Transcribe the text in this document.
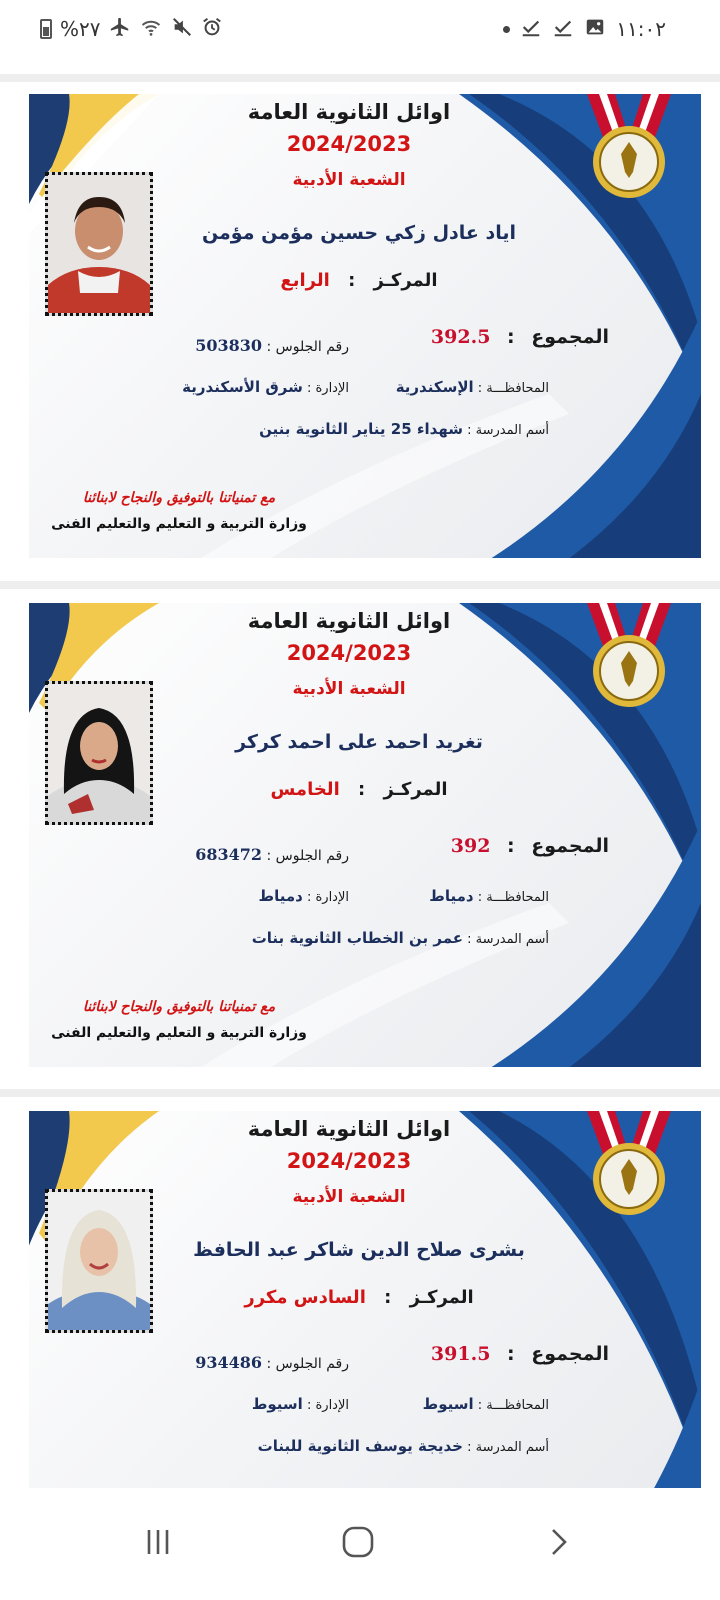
%٢٧	١١:٠٢
اوائل الثانوية العامة
2024/2023
الشعبة الأدبية
اياد عادل زكي حسين مؤمن مؤمن
المركـز : الرابع
المجموع : 392.5
رقم الجلوس : 503830
المحافظـــة : الإسكندرية
الإدارة : شرق الأسكندرية
أسم المدرسة : شهداء 25 يناير الثانوية بنين
مع تمنياتنا بالتوفيق والنجاح لابنائنا
وزارة التربية و التعليم والتعليم الفنى
اوائل الثانوية العامة
2024/2023
الشعبة الأدبية
تغريد احمد على احمد كركر
المركـز : الخامس
المجموع : 392
رقم الجلوس : 683472
المحافظـــة : دمياط
الإدارة : دمياط
أسم المدرسة : عمر بن الخطاب الثانوية بنات
مع تمنياتنا بالتوفيق والنجاح لابنائنا
وزارة التربية و التعليم والتعليم الفنى
اوائل الثانوية العامة
2024/2023
الشعبة الأدبية
بشرى صلاح الدين شاكر عبد الحافظ
المركـز : السادس مكرر
المجموع : 391.5
رقم الجلوس : 934486
المحافظـــة : اسيوط
الإدارة : اسيوط
أسم المدرسة : خديجة يوسف الثانوية للبنات
